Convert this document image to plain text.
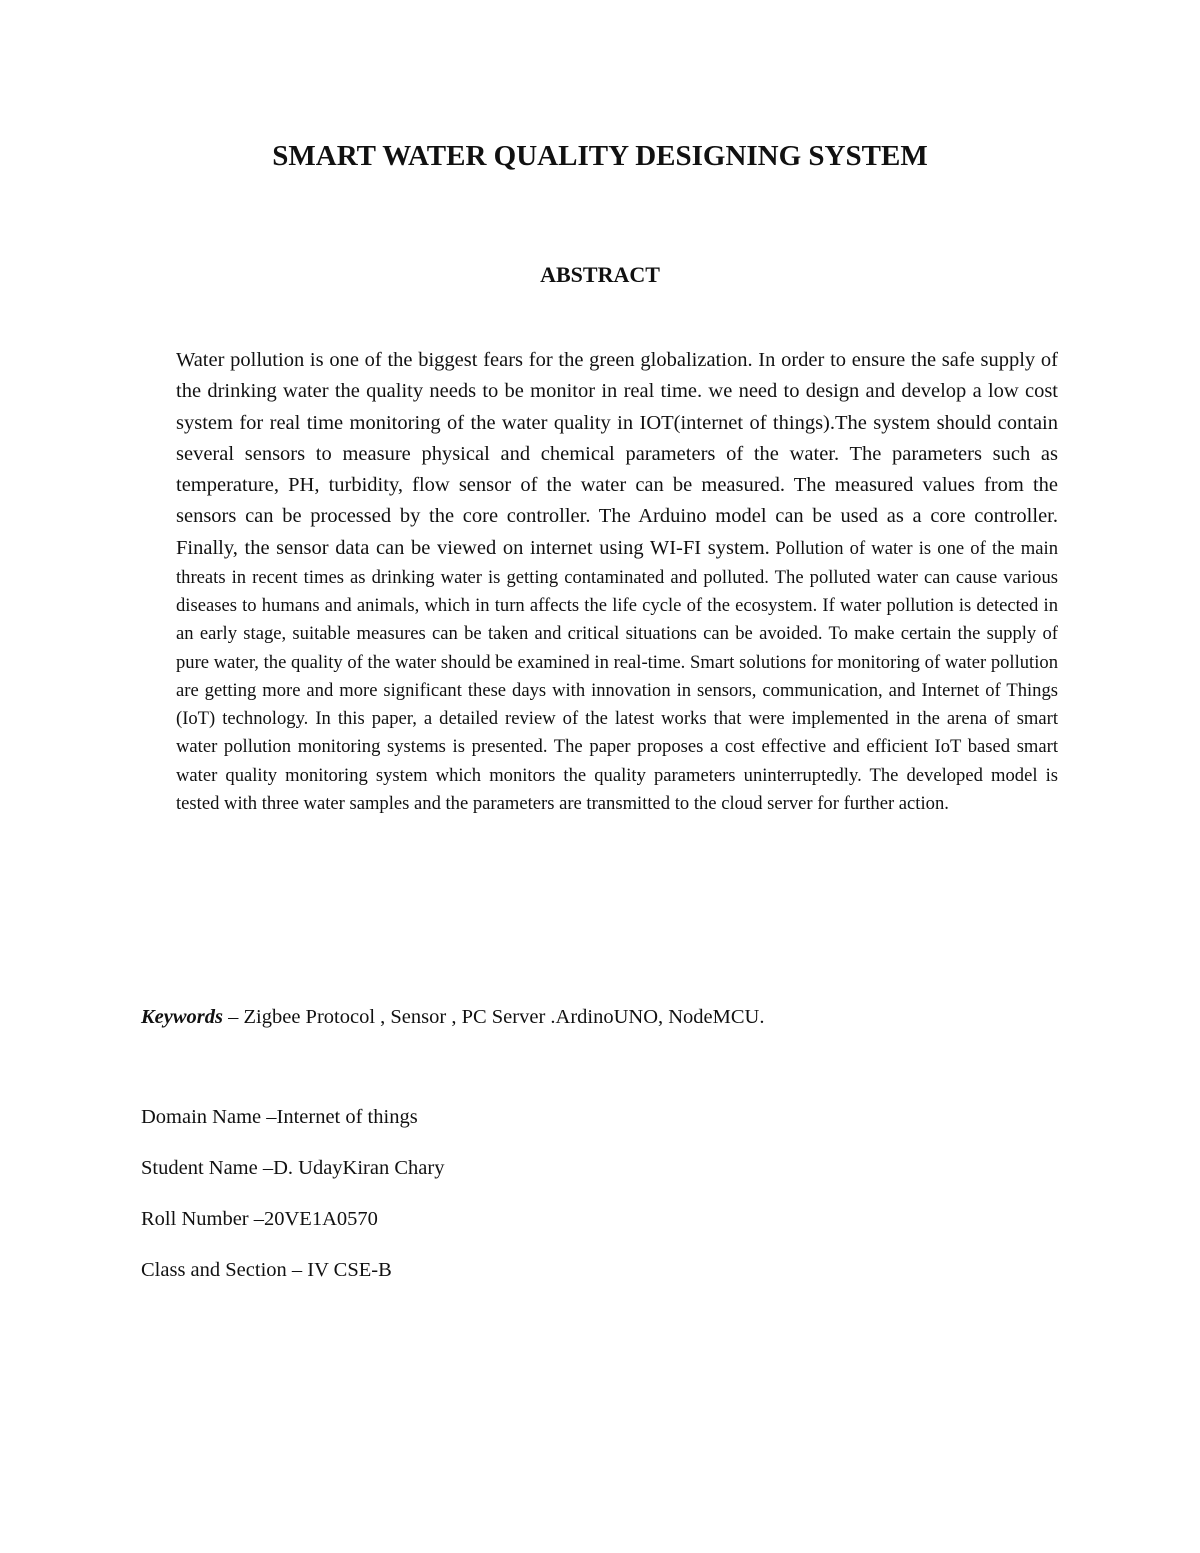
SMART WATER QUALITY DESIGNING SYSTEM
ABSTRACT

Water pollution is one of the biggest fears for the green globalization. In order to ensure the safe supply of the drinking water the quality needs to be monitor in real time. we need to design and develop a low cost system for real time monitoring of the water quality in IOT(internet of things).The system should contain several sensors to measure physical and chemical parameters of the water. The parameters such as temperature, PH, turbidity, flow sensor of the water can be measured. The measured values from the sensors can be processed by the core controller. The Arduino model can be used as a core controller. Finally, the sensor data can be viewed on internet using WI-FI system. Pollution of water is one of the main threats in recent times as drinking water is getting contaminated and polluted. The polluted water can cause various diseases to humans and animals, which in turn affects the life cycle of the ecosystem. If water pollution is detected in an early stage, suitable measures can be taken and critical situations can be avoided. To make certain the supply of pure water, the quality of the water should be examined in real-time. Smart solutions for monitoring of water pollution are getting more and more significant these days with innovation in sensors, communication, and Internet of Things (IoT) technology. In this paper, a detailed review of the latest works that were implemented in the arena of smart water pollution monitoring systems is presented. The paper proposes a cost effective and efficient IoT based smart water quality monitoring system which monitors the quality parameters uninterruptedly. The developed model is tested with three water samples and the parameters are transmitted to the cloud server for further action.

Keywords – Zigbee Protocol , Sensor , PC Server .ArdinoUNO, NodeMCU.

Domain Name –Internet of things

Student Name –D. UdayKiran Chary

Roll Number –20VE1A0570

Class and Section – IV CSE-B
